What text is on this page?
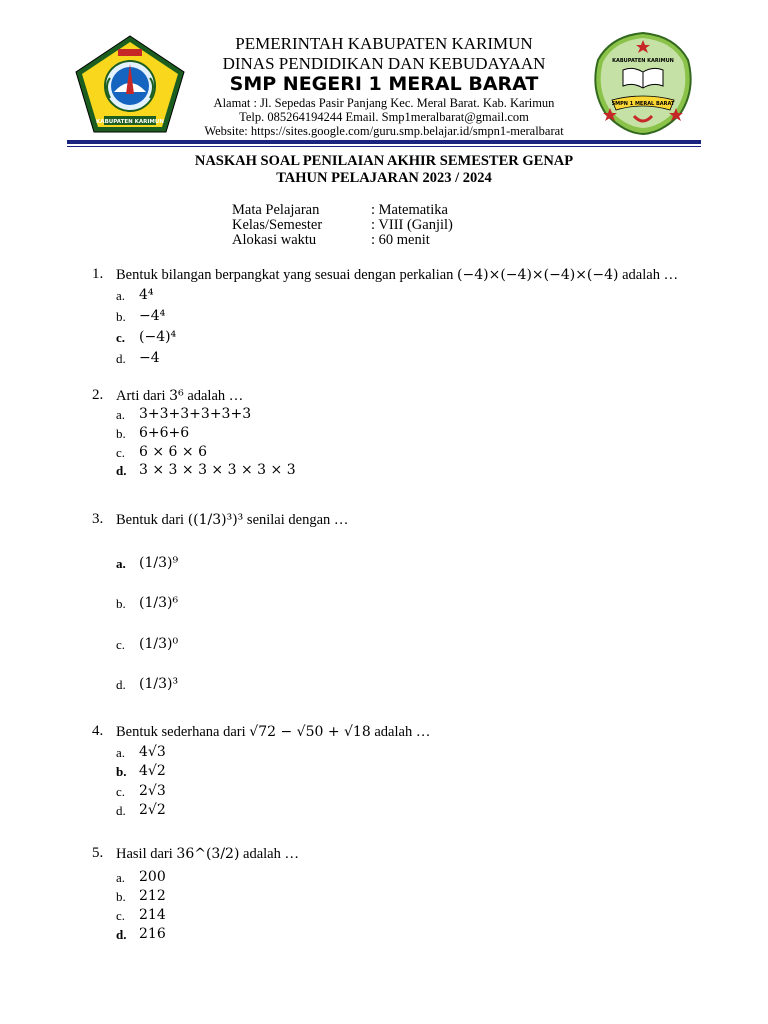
KABUPATEN KARIMUN
PEMERINTAH KABUPATEN KARIMUN
DINAS PENDIDIKAN DAN KEBUDAYAAN
SMP NEGERI 1 MERAL BARAT
Alamat : Jl. Sepedas Pasir Panjang Kec. Meral Barat. Kab. Karimun
Telp. 085264194244 Email. Smp1meralbarat@gmail.com
Website: https://sites.google.com/guru.smp.belajar.id/smpn1-meralbarat
KABUPATEN KARIMUN
SMPN 1 MERAL BARAT
NASKAH SOAL PENILAIAN AKHIR SEMESTER GENAP
TAHUN PELAJARAN 2023 / 2024
Mata Pelajaran	: Matematika
Kelas/Semester	: VIII (Ganjil)
Alokasi waktu	: 60 menit
1. Bentuk bilangan berpangkat yang sesuai dengan perkalian (−4)×(−4)×(−4)×(−4) adalah …
a. 4⁴
b. −4⁴
c. (−4)⁴
d. −4
2. Arti dari 3⁶ adalah …
a. 3+3+3+3+3+3
b. 6+6+6
c. 6 × 6 × 6
d. 3 × 3 × 3 × 3 × 3 × 3
3. Bentuk dari ((1/3)³)³ senilai dengan …
a. (1/3)⁹
b. (1/3)⁶
c. (1/3)⁰
d. (1/3)³
4. Bentuk sederhana dari √72 − √50 + √18 adalah …
a. 4√3
b. 4√2
c. 2√3
d. 2√2
5. Hasil dari 36^(3/2) adalah …
a. 200
b. 212
c. 214
d. 216
